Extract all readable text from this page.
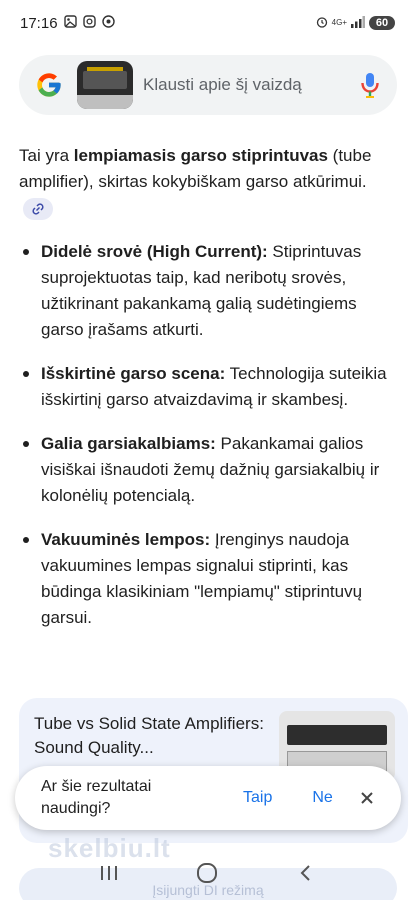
17:16	4G+	60
Klausti apie šį vaizdą

Tai yra lempiamasis garso stiprintuvas (tube amplifier), skirtas kokybiškam garso atkūrimui.

Didelė srovė (High Current): Stiprintuvas suprojektuotas taip, kad neribotų srovės, užtikrinant pakankamą galią sudėtingiems garso įrašams atkurti.
Išskirtinė garso scena: Technologija suteikia išskirtinį garso atvaizdavimą ir skambesį.
Galia garsiakalbiams: Pakankamai galios visiškai išnaudoti žemų dažnių garsiakalbių ir kolonėlių potencialą.
Vakuuminės lempos: Įrenginys naudoja vakuumines lempas signalui stiprinti, kas būdinga klasikiniam "lempiamų" stiprintuvų garsui.
Tube vs Solid State Amplifiers: Sound Quality...
skelbiu.lt
Įsijungti DI režimą
Ar šie rezultatai naudingi?
Taip	Ne
